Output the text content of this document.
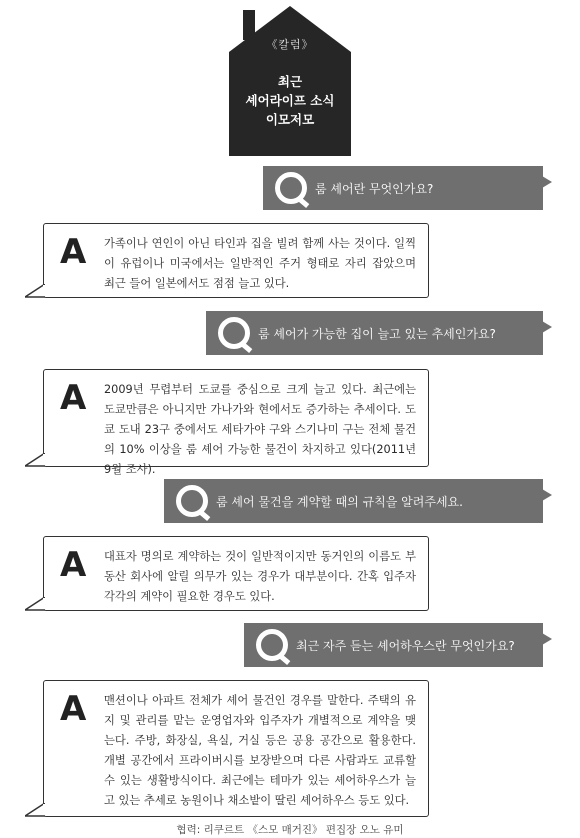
《칼럼》
최근
셰어라이프 소식
이모저모
룸 셰어란 무엇인가요?
A 가족이나 연인이 아닌 타인과 집을 빌려 함께 사는 것이다. 일찍이 유럽이나 미국에서는 일반적인 주거 형태로 자리 잡았으며 최근 들어 일본에서도 점점 늘고 있다.
룸 셰어가 가능한 집이 늘고 있는 추세인가요?
A 2009년 무렵부터 도쿄를 중심으로 크게 늘고 있다. 최근에는 도쿄만큼은 아니지만 가나가와 현에서도 증가하는 추세이다. 도쿄 도내 23구 중에서도 세타가야 구와 스기나미 구는 전체 물건의 10% 이상을 룸 셰어 가능한 물건이 차지하고 있다(2011년 9월 조사).
룸 셰어 물건을 계약할 때의 규칙을 알려주세요.
A 대표자 명의로 계약하는 것이 일반적이지만 동거인의 이름도 부동산 회사에 알릴 의무가 있는 경우가 대부분이다. 간혹 입주자 각각의 계약이 필요한 경우도 있다.
최근 자주 듣는 셰어하우스란 무엇인가요?
A 맨션이나 아파트 전체가 셰어 물건인 경우를 말한다. 주택의 유지 및 관리를 맡는 운영업자와 입주자가 개별적으로 계약을 맺는다. 주방, 화장실, 욕실, 거실 등은 공용 공간으로 활용한다. 개별 공간에서 프라이버시를 보장받으며 다른 사람과도 교류할 수 있는 생활방식이다. 최근에는 테마가 있는 셰어하우스가 늘고 있는 추세로 농원이나 채소밭이 딸린 셰어하우스 등도 있다.
협력: 리쿠르트 《스모 매거진》 편집장 오노 유미
